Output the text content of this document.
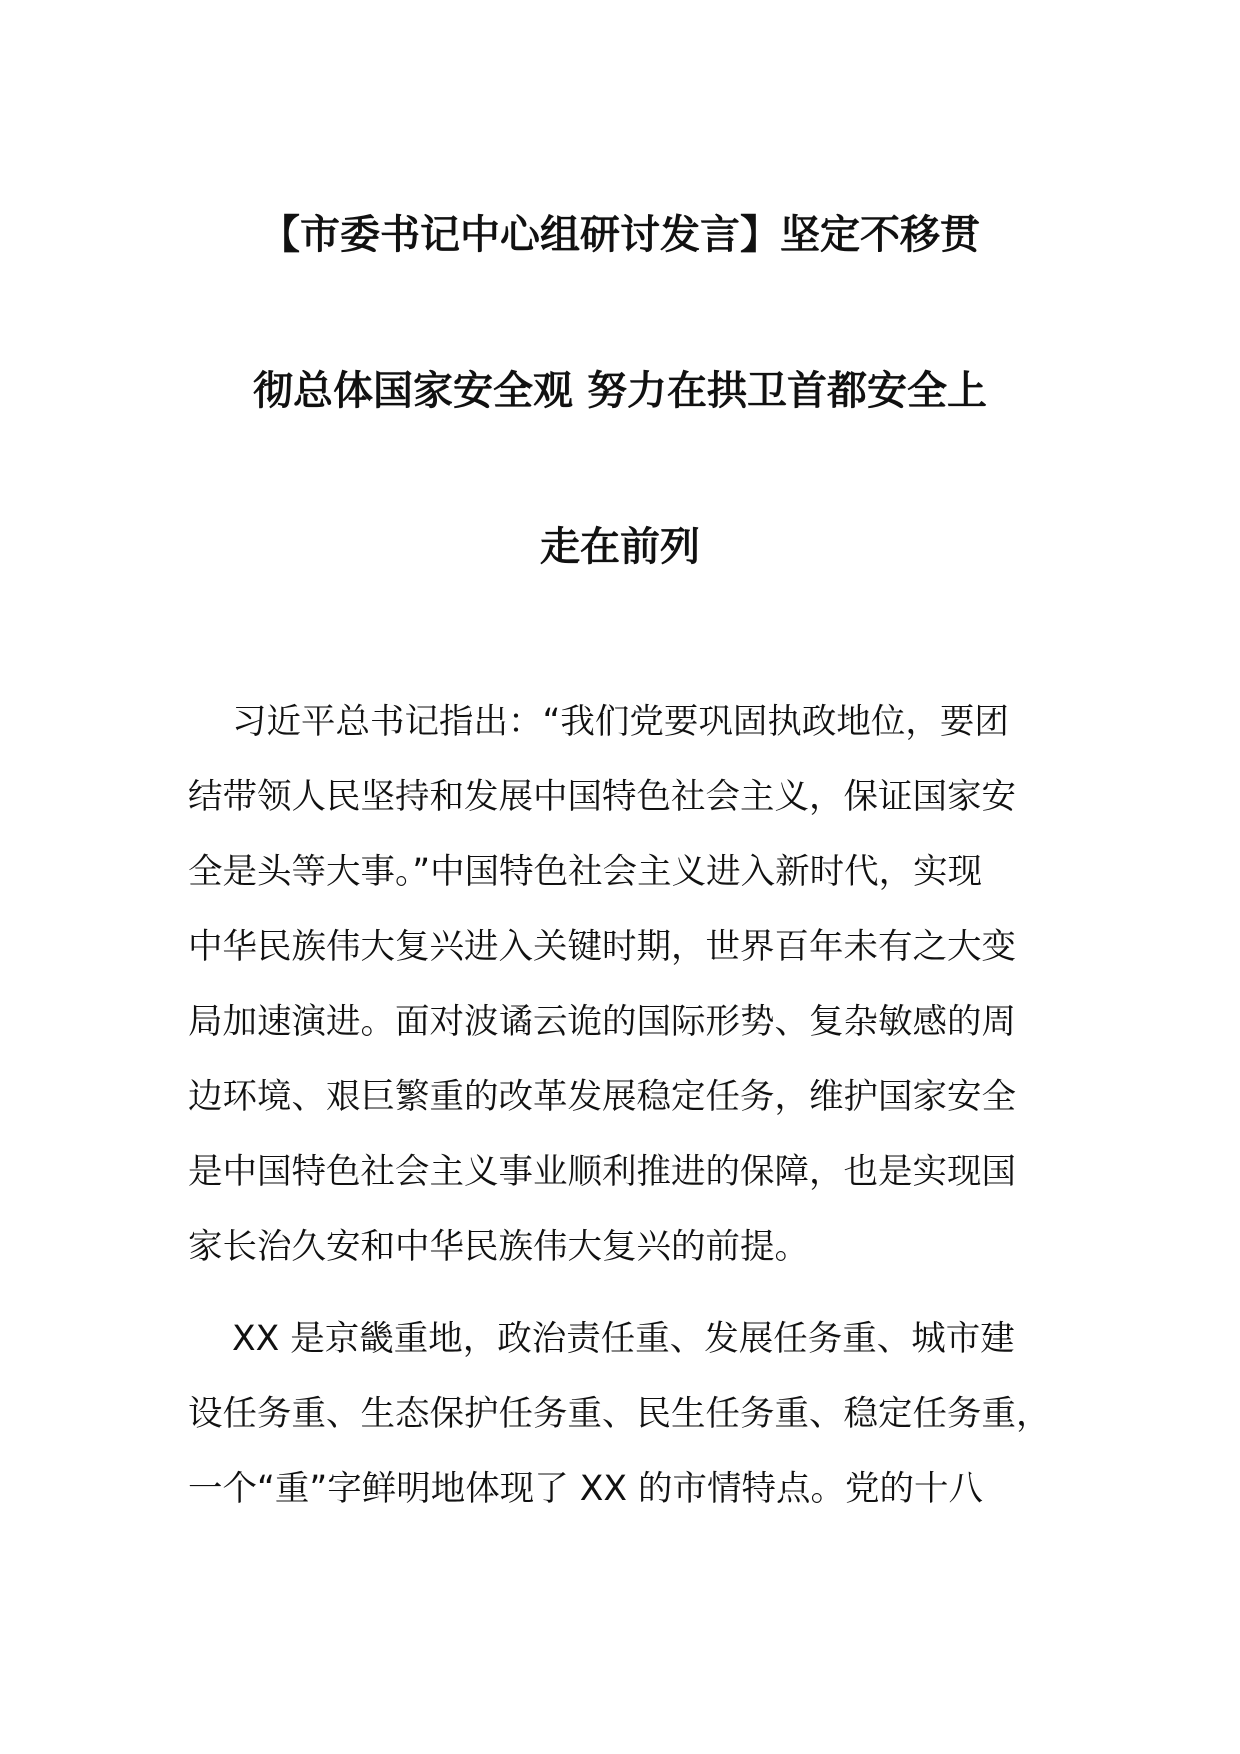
【市委书记中心组研讨发言】坚定不移贯
彻总体国家安全观 努力在拱卫首都安全上
走在前列
习近平总书记指出：“我们党要巩固执政地位，要团
结带领人民坚持和发展中国特色社会主义，保证国家安
全是头等大事。”中国特色社会主义进入新时代，实现
中华民族伟大复兴进入关键时期，世界百年未有之大变
局加速演进。面对波谲云诡的国际形势、复杂敏感的周
边环境、艰巨繁重的改革发展稳定任务，维护国家安全
是中国特色社会主义事业顺利推进的保障，也是实现国
家长治久安和中华民族伟大复兴的前提。
XX 是京畿重地，政治责任重、发展任务重、城市建
设任务重、生态保护任务重、民生任务重、稳定任务重，
一个“重”字鲜明地体现了 XX 的市情特点。党的十八
